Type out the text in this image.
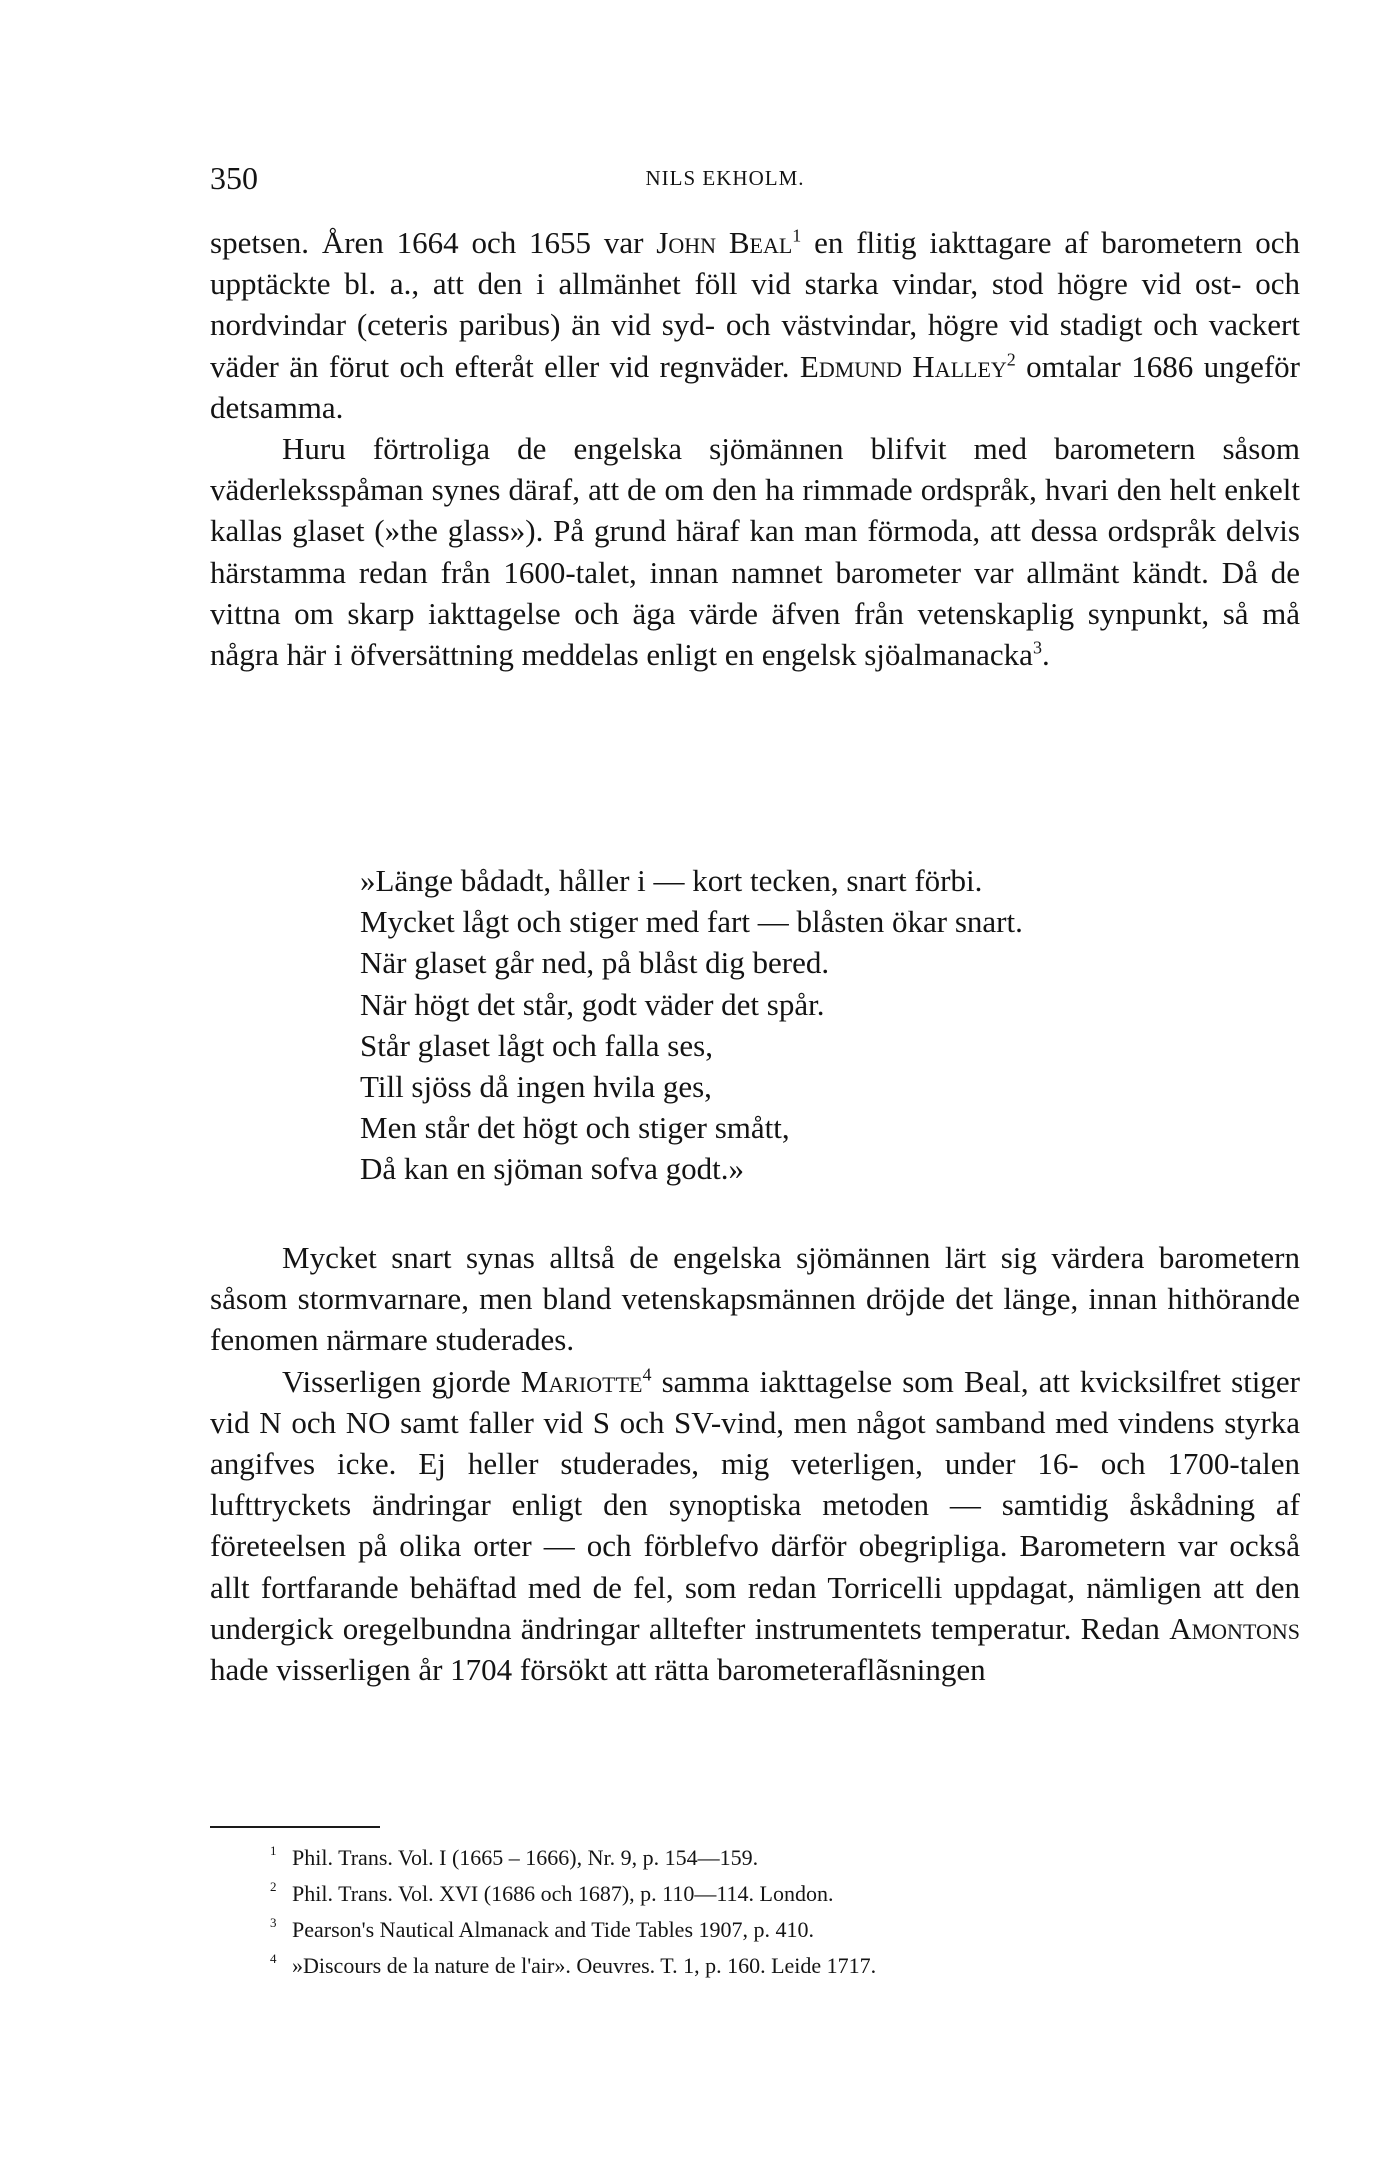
350	NILS EKHOLM.

spetsen. Åren 1664 och 1655 var John Beal$^1$ en flitig iakttagare af barometern och upptäckte bl. a., att den i allmänhet föll vid starka vindar, stod högre vid ost- och nordvindar (ceteris paribus) än vid syd- och västvindar, högre vid stadigt och vackert väder än förut och efteråt eller vid regnväder. Edmund Halley$^2$ omtalar 1686 ungeför detsamma.

Huru förtroliga de engelska sjömännen blifvit med barometern såsom väderleksspåman synes däraf, att de om den ha rimmade ordspråk, hvari den helt enkelt kallas glaset (»the glass»). På grund häraf kan man förmoda, att dessa ordspråk delvis härstamma redan från 1600-talet, innan namnet barometer var allmänt kändt. Då de vittna om skarp iakttagelse och äga värde äfven från vetenskaplig synpunkt, så må några här i öfversättning meddelas enligt en engelsk sjöalmanacka$^3$.

»Länge bådadt, håller i — kort tecken, snart förbi.
Mycket lågt och stiger med fart — blåsten ökar snart.
När glaset går ned, på blåst dig bered.
När högt det står, godt väder det spår.
Står glaset lågt och falla ses,
Till sjöss då ingen hvila ges,
Men står det högt och stiger smått,
Då kan en sjöman sofva godt.»

Mycket snart synas alltså de engelska sjömännen lärt sig värdera barometern såsom stormvarnare, men bland vetenskapsmännen dröjde det länge, innan hithörande fenomen närmare studerades.

Visserligen gjorde Mariotte$^4$ samma iakttagelse som Beal, att kvicksilfret stiger vid N och NO samt faller vid S och SV-vind, men något samband med vindens styrka angifves icke. Ej heller studerades, mig veterligen, under 16- och 1700-talen lufttryckets ändringar enligt den synoptiska metoden — samtidig åskådning af företeelsen på olika orter — och förblefvo därför obegripliga. Barometern var också allt fortfarande behäftad med de fel, som redan Torricelli uppdagat, nämligen att den undergick oregelbundna ändringar alltefter instrumentets temperatur. Redan Amontons hade visserligen år 1704 försökt att rätta barometeraflãsningen

1 Phil. Trans. Vol. I (1665 – 1666), Nr. 9, p. 154—159.
2 Phil. Trans. Vol. XVI (1686 och 1687), p. 110—114. London.
3 Pearson's Nautical Almanack and Tide Tables 1907, p. 410.
4 »Discours de la nature de l'air». Oeuvres. T. 1, p. 160. Leide 1717.
